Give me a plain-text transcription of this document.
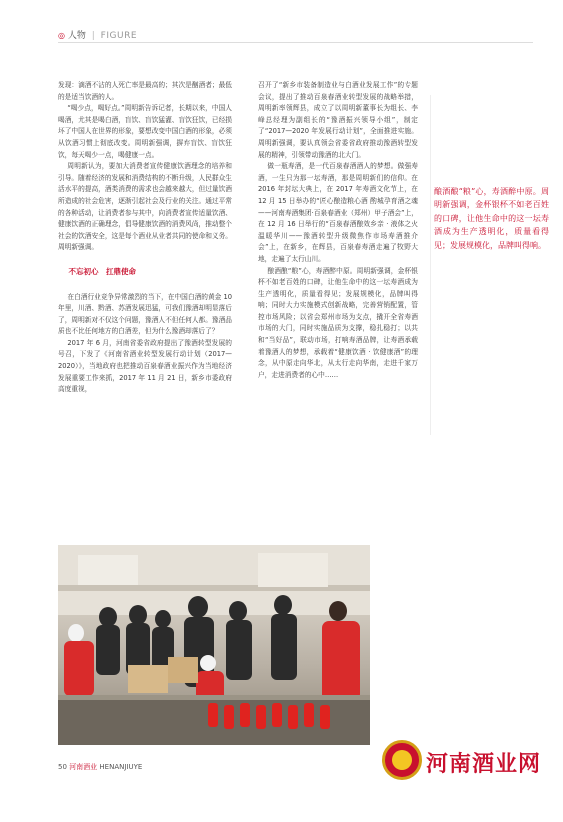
◎ 人物 | FIGURE

发现：滴酒不沾的人死亡率是最高的；其次是酗酒者；最低的是适当饮酒的人。

“喝少点，喝好点。”周明新告诉记者，长期以来，中国人喝酒，尤其是喝白酒，盲饮、盲饮猛灌、盲饮狂饮，已经损坏了中国人在世界的形象，要想改变中国白酒的形象，必须从饮酒习惯上彻底改变。周明新强调，摒弃盲饮、盲饮狂饮，每天喝少一点，喝健康一点。

周明新认为，要加大消费者宣传健康饮酒理念的培养和引导。随着经济的发展和消费结构的不断升级，人民群众生活水平的提高，酒类消费的需求也会越来越大，但过量饮酒所造成的社会危害，逐渐引起社会及行业的关注。通过平常的各种活动，让消费者参与其中，向消费者宣传适量饮酒、健康饮酒的正确理念，倡导健康饮酒的消费风尚，推动整个社会的饮酒安全，这是每个酒业从业者共同的使命和义务。周明新强调。

不忘初心　扛鼎使命

在白酒行业竞争异常激烈的当下，在中国白酒的黄金 10 年里，川酒、黔酒、苏酒发展迅猛，可我们豫酒却明显落后了，周明新对不仅这个问题，豫酒人不但任何人都。豫酒品质也不比任何地方的白酒差，但为什么豫酒却落后了？

2017 年 6 月，河南省委省政府提出了豫酒转型发展的号召，下发了《河南省酒业转型发展行动计划（2017—2020）》，当地政府也把推动百泉春酒业振兴作为当地经济发展重要工作来抓，2017 年 11 月 21 日，新乡市委政府高度重视，

召开了“新乡市装备制造业与白酒业发展工作”的专题会议，提出了推动百泉春酒业转型发展的战略举措，周明新率领辉县，成立了以周明新董事长为组长、李峰总经理为副组长的“豫酒振兴领导小组”，制定了“2017—2020 年发展行动计划”，全面推进实施。周明新强调，要认真领会省委省政府推动豫酒转型发展的精神，引领带动豫酒的北大门。

做一瓶寿酒，是一代百泉春酒酒人的梦想。做强寿酒，一生只为那一坛寿酒，那是周明新们的信仰。在 2016 年封坛大典上，在 2017 年寿酒文化节上，在 12 月 15 日举办的“匠心酿造粮心酒 酌城孕育酒之魂——河南寿酒集团·百泉春酒业（郑州）甲子酒会”上，在 12 月 16 日举行的“百泉春酒酿效乡亲 · 液体之火温暖华川——豫酒转型升级微焦作市场寿酒推介会”上，在新乡，在辉县，百泉春寿酒走遍了牧野大地，走遍了太行山川。

酿酒酿“粮”心，寿酒醉中原。周明新强调，金杯银杯不如老百姓的口碑，让他生命中的这一坛寿酒成为生产透明化，质量看得见；发展规模化，品牌叫得响；同时大力实施模式创新战略，完善营销配置，管控市场风险；以省会郑州市场为支点，撬开全省寿酒市场的大门，同时实施品质为支撑，稳扎稳打；以共和“当好品”，联动市场，打响寿酒品牌，让寿酒承载着豫酒人的梦想，承载着“健康饮酒 · 饮健康酒”的理念，从中原走向华北，从太行走向华南，走进千家万户，走进消费者的心中……

酿酒酿“粮”心，寿酒醉中原。周明新强调，金杯银杯不如老百姓的口碑，让他生命中的这一坛寿酒成为生产透明化，质量看得见；发展规模化，品牌叫得响。
50 河南酒业 HENANJIUYE	河南酒业网
